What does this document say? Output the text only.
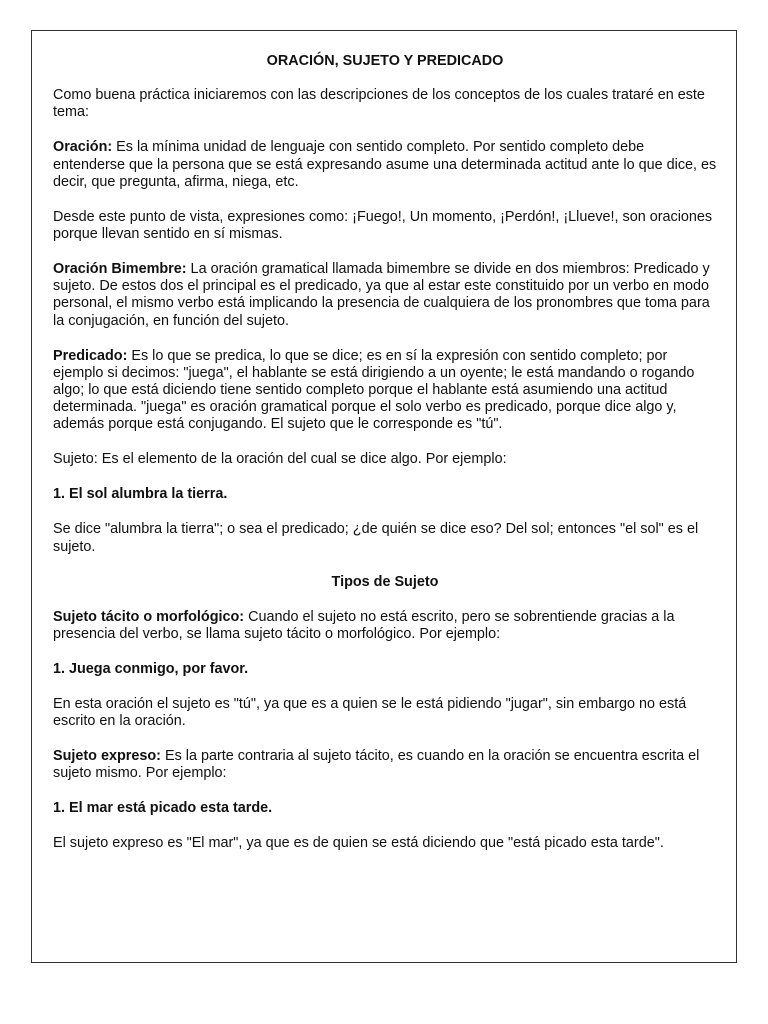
ORACIÓN, SUJETO Y PREDICADO

Como buena práctica iniciaremos con las descripciones de los conceptos de los cuales trataré en este tema:

Oración: Es la mínima unidad de lenguaje con sentido completo. Por sentido completo debe entenderse que la persona que se está expresando asume una determinada actitud ante lo que dice, es decir, que pregunta, afirma, niega, etc.

Desde este punto de vista, expresiones como: ¡Fuego!, Un momento, ¡Perdón!, ¡Llueve!, son oraciones porque llevan sentido en sí mismas.

Oración Bimembre: La oración gramatical llamada bimembre se divide en dos miembros: Predicado y sujeto. De estos dos el principal es el predicado, ya que al estar este constituido por un verbo en modo personal, el mismo verbo está implicando la presencia de cualquiera de los pronombres que toma para la conjugación, en función del sujeto.

Predicado: Es lo que se predica, lo que se dice; es en sí la expresión con sentido completo; por ejemplo si decimos: "juega", el hablante se está dirigiendo a un oyente; le está mandando o rogando algo; lo que está diciendo tiene sentido completo porque el hablante está asumiendo una actitud determinada. "juega" es oración gramatical porque el solo verbo es predicado, porque dice algo y, además porque está conjugando. El sujeto que le corresponde es "tú".

Sujeto: Es el elemento de la oración del cual se dice algo. Por ejemplo:

1. El sol alumbra la tierra.

Se dice "alumbra la tierra"; o sea el predicado; ¿de quién se dice eso? Del sol; entonces "el sol" es el sujeto.

Tipos de Sujeto

Sujeto tácito o morfológico: Cuando el sujeto no está escrito, pero se sobrentiende gracias a la presencia del verbo, se llama sujeto tácito o morfológico. Por ejemplo:

1. Juega conmigo, por favor.

En esta oración el sujeto es "tú", ya que es a quien se le está pidiendo "jugar", sin embargo no está escrito en la oración.

Sujeto expreso: Es la parte contraria al sujeto tácito, es cuando en la oración se encuentra escrita el sujeto mismo. Por ejemplo:

1. El mar está picado esta tarde.

El sujeto expreso es "El mar", ya que es de quien se está diciendo que "está picado esta tarde".
